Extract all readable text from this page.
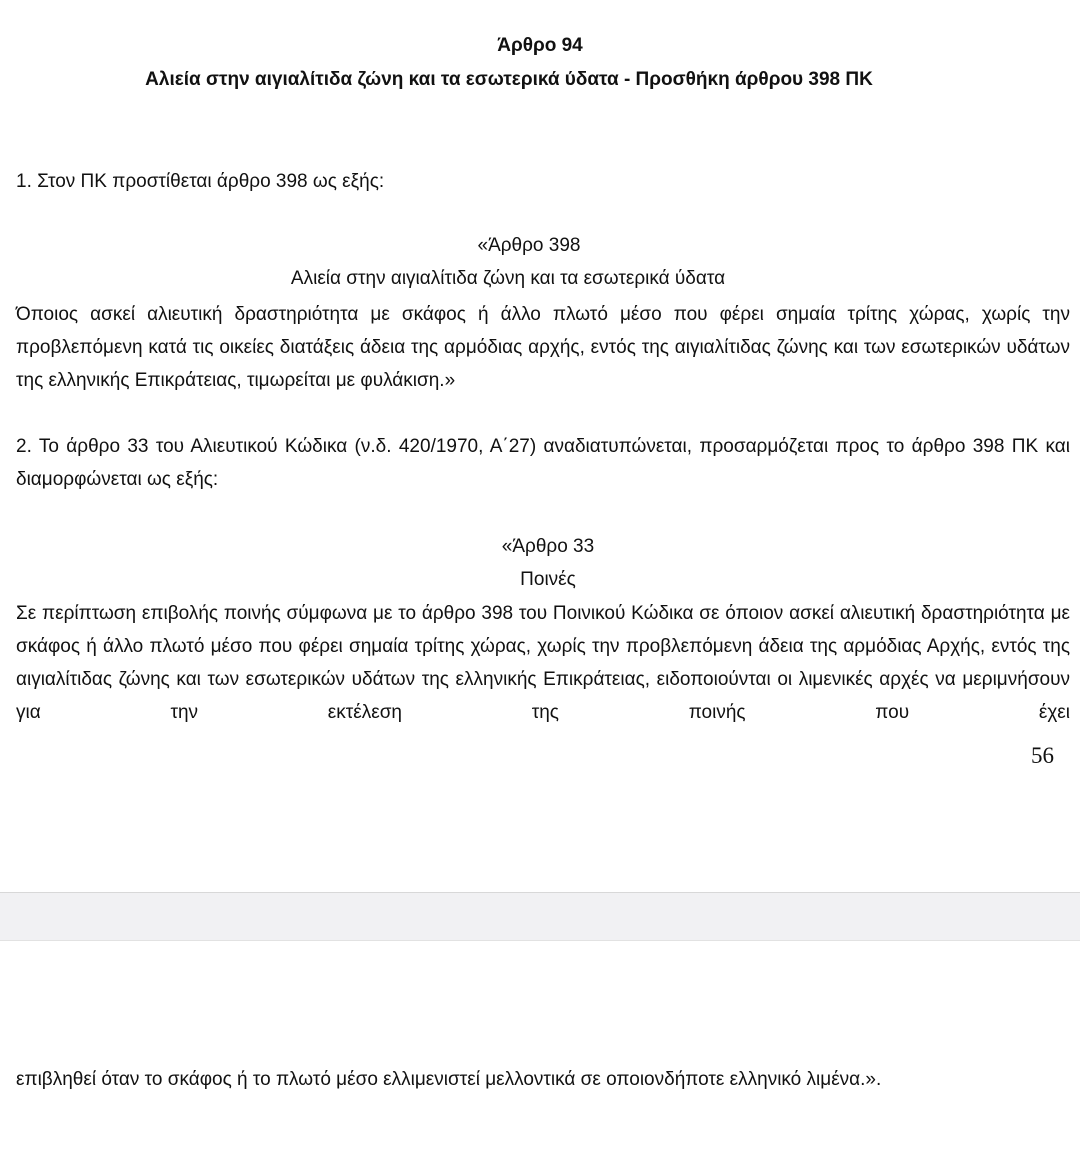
Άρθρο 94
Αλιεία στην αιγιαλίτιδα ζώνη και τα εσωτερικά ύδατα - Προσθήκη άρθρου 398 ΠΚ
1. Στον ΠΚ προστίθεται άρθρο 398 ως εξής:
«Άρθρο 398
Αλιεία στην αιγιαλίτιδα ζώνη και τα εσωτερικά ύδατα

Όποιος ασκεί αλιευτική δραστηριότητα με σκάφος ή άλλο πλωτό μέσο που φέρει σημαία τρίτης χώρας, χωρίς την προβλεπόμενη κατά τις οικείες διατάξεις άδεια της αρμόδιας αρχής, εντός της αιγιαλίτιδας ζώνης και των εσωτερικών υδάτων της ελληνικής Επικράτειας, τιμωρείται με φυλάκιση.»

2. Το άρθρο 33 του Αλιευτικού Κώδικα (ν.δ. 420/1970, Α΄27) αναδιατυπώνεται, προσαρμόζεται προς το άρθρο 398 ΠΚ και διαμορφώνεται ως εξής:

«Άρθρο 33
Ποινές

Σε περίπτωση επιβολής ποινής σύμφωνα με το άρθρο 398 του Ποινικού Κώδικα σε όποιον ασκεί αλιευτική δραστηριότητα με σκάφος ή άλλο πλωτό μέσο που φέρει σημαία τρίτης χώρας, χωρίς την προβλεπόμενη άδεια της αρμόδιας Αρχής, εντός της αιγιαλίτιδας ζώνης και των εσωτερικών υδάτων της ελληνικής Επικράτειας, ειδοποιούνται οι λιμενικές αρχές να μεριμνήσουν για την εκτέλεση της ποινής που έχει

56
επιβληθεί όταν το σκάφος ή το πλωτό μέσο ελλιμενιστεί μελλοντικά σε οποιονδήποτε ελληνικό λιμένα.».
